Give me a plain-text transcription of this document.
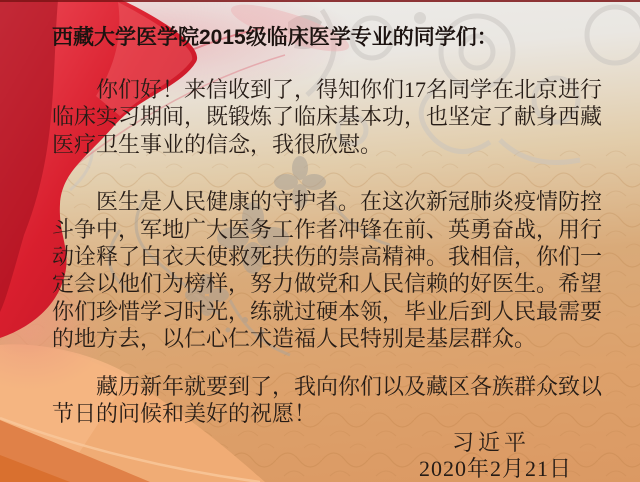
西藏大学医学院2015级临床医学专业的同学们：
你们好！来信收到了，得知你们17名同学在北京进行
临床实习期间，既锻炼了临床基本功，也坚定了献身西藏
医疗卫生事业的信念，我很欣慰。
医生是人民健康的守护者。在这次新冠肺炎疫情防控
斗争中，军地广大医务工作者冲锋在前、英勇奋战，用行
动诠释了白衣天使救死扶伤的崇高精神。我相信，你们一
定会以他们为榜样，努力做党和人民信赖的好医生。希望
你们珍惜学习时光，练就过硬本领，毕业后到人民最需要
的地方去，以仁心仁术造福人民特别是基层群众。
藏历新年就要到了，我向你们以及藏区各族群众致以
节日的问候和美好的祝愿！
习近平
2020年2月21日
